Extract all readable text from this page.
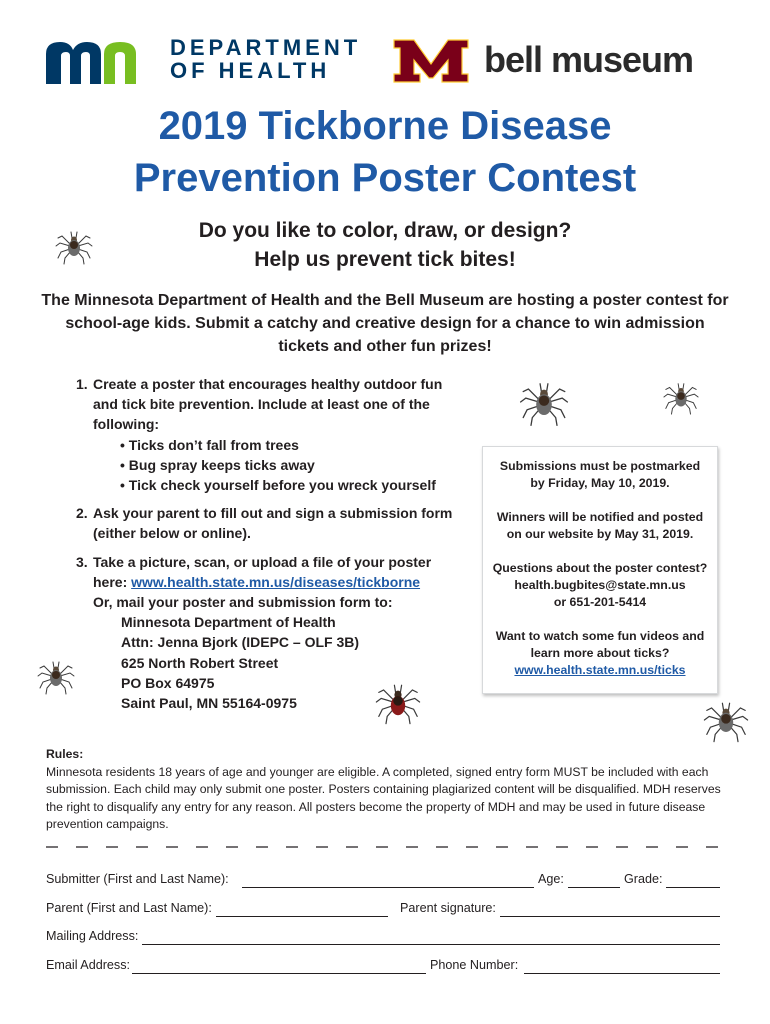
DEPARTMENT
OF HEALTH	bell museum
2019 Tickborne Disease
Prevention Poster Contest
Do you like to color, draw, or design?
Help us prevent tick bites!
The Minnesota Department of Health and the Bell Museum are hosting a poster contest for school-age kids. Submit a catchy and creative design for a chance to win admission tickets and other fun prizes!
1. Create a poster that encourages healthy outdoor fun and tick bite prevention. Include at least one of the following:
• Ticks don’t fall from trees
• Bug spray keeps ticks away
• Tick check yourself before you wreck yourself
2. Ask your parent to fill out and sign a submission form (either below or online).
3. Take a picture, scan, or upload a file of your poster here: www.health.state.mn.us/diseases/tickborne
Or, mail your poster and submission form to:
Minnesota Department of Health
Attn: Jenna Bjork (IDEPC – OLF 3B)
625 North Robert Street
PO Box 64975
Saint Paul, MN 55164-0975

Submissions must be postmarked
by Friday, May 10, 2019.

Winners will be notified and posted
on our website by May 31, 2019.

Questions about the poster contest?
health.bugbites@state.mn.us
or 651-201-5414

Want to watch some fun videos and
learn more about ticks?
www.health.state.mn.us/ticks

Rules:
Minnesota residents 18 years of age and younger are eligible. A completed, signed entry form MUST be included with each submission. Each child may only submit one poster. Posters containing plagiarized content will be disqualified. MDH reserves the right to disqualify any entry for any reason. All posters become the property of MDH and may be used in future disease prevention campaigns.
Submitter (First and Last Name):	Age:	Grade:
Parent (First and Last Name):	Parent signature:
Mailing Address:
Email Address:	Phone Number:
